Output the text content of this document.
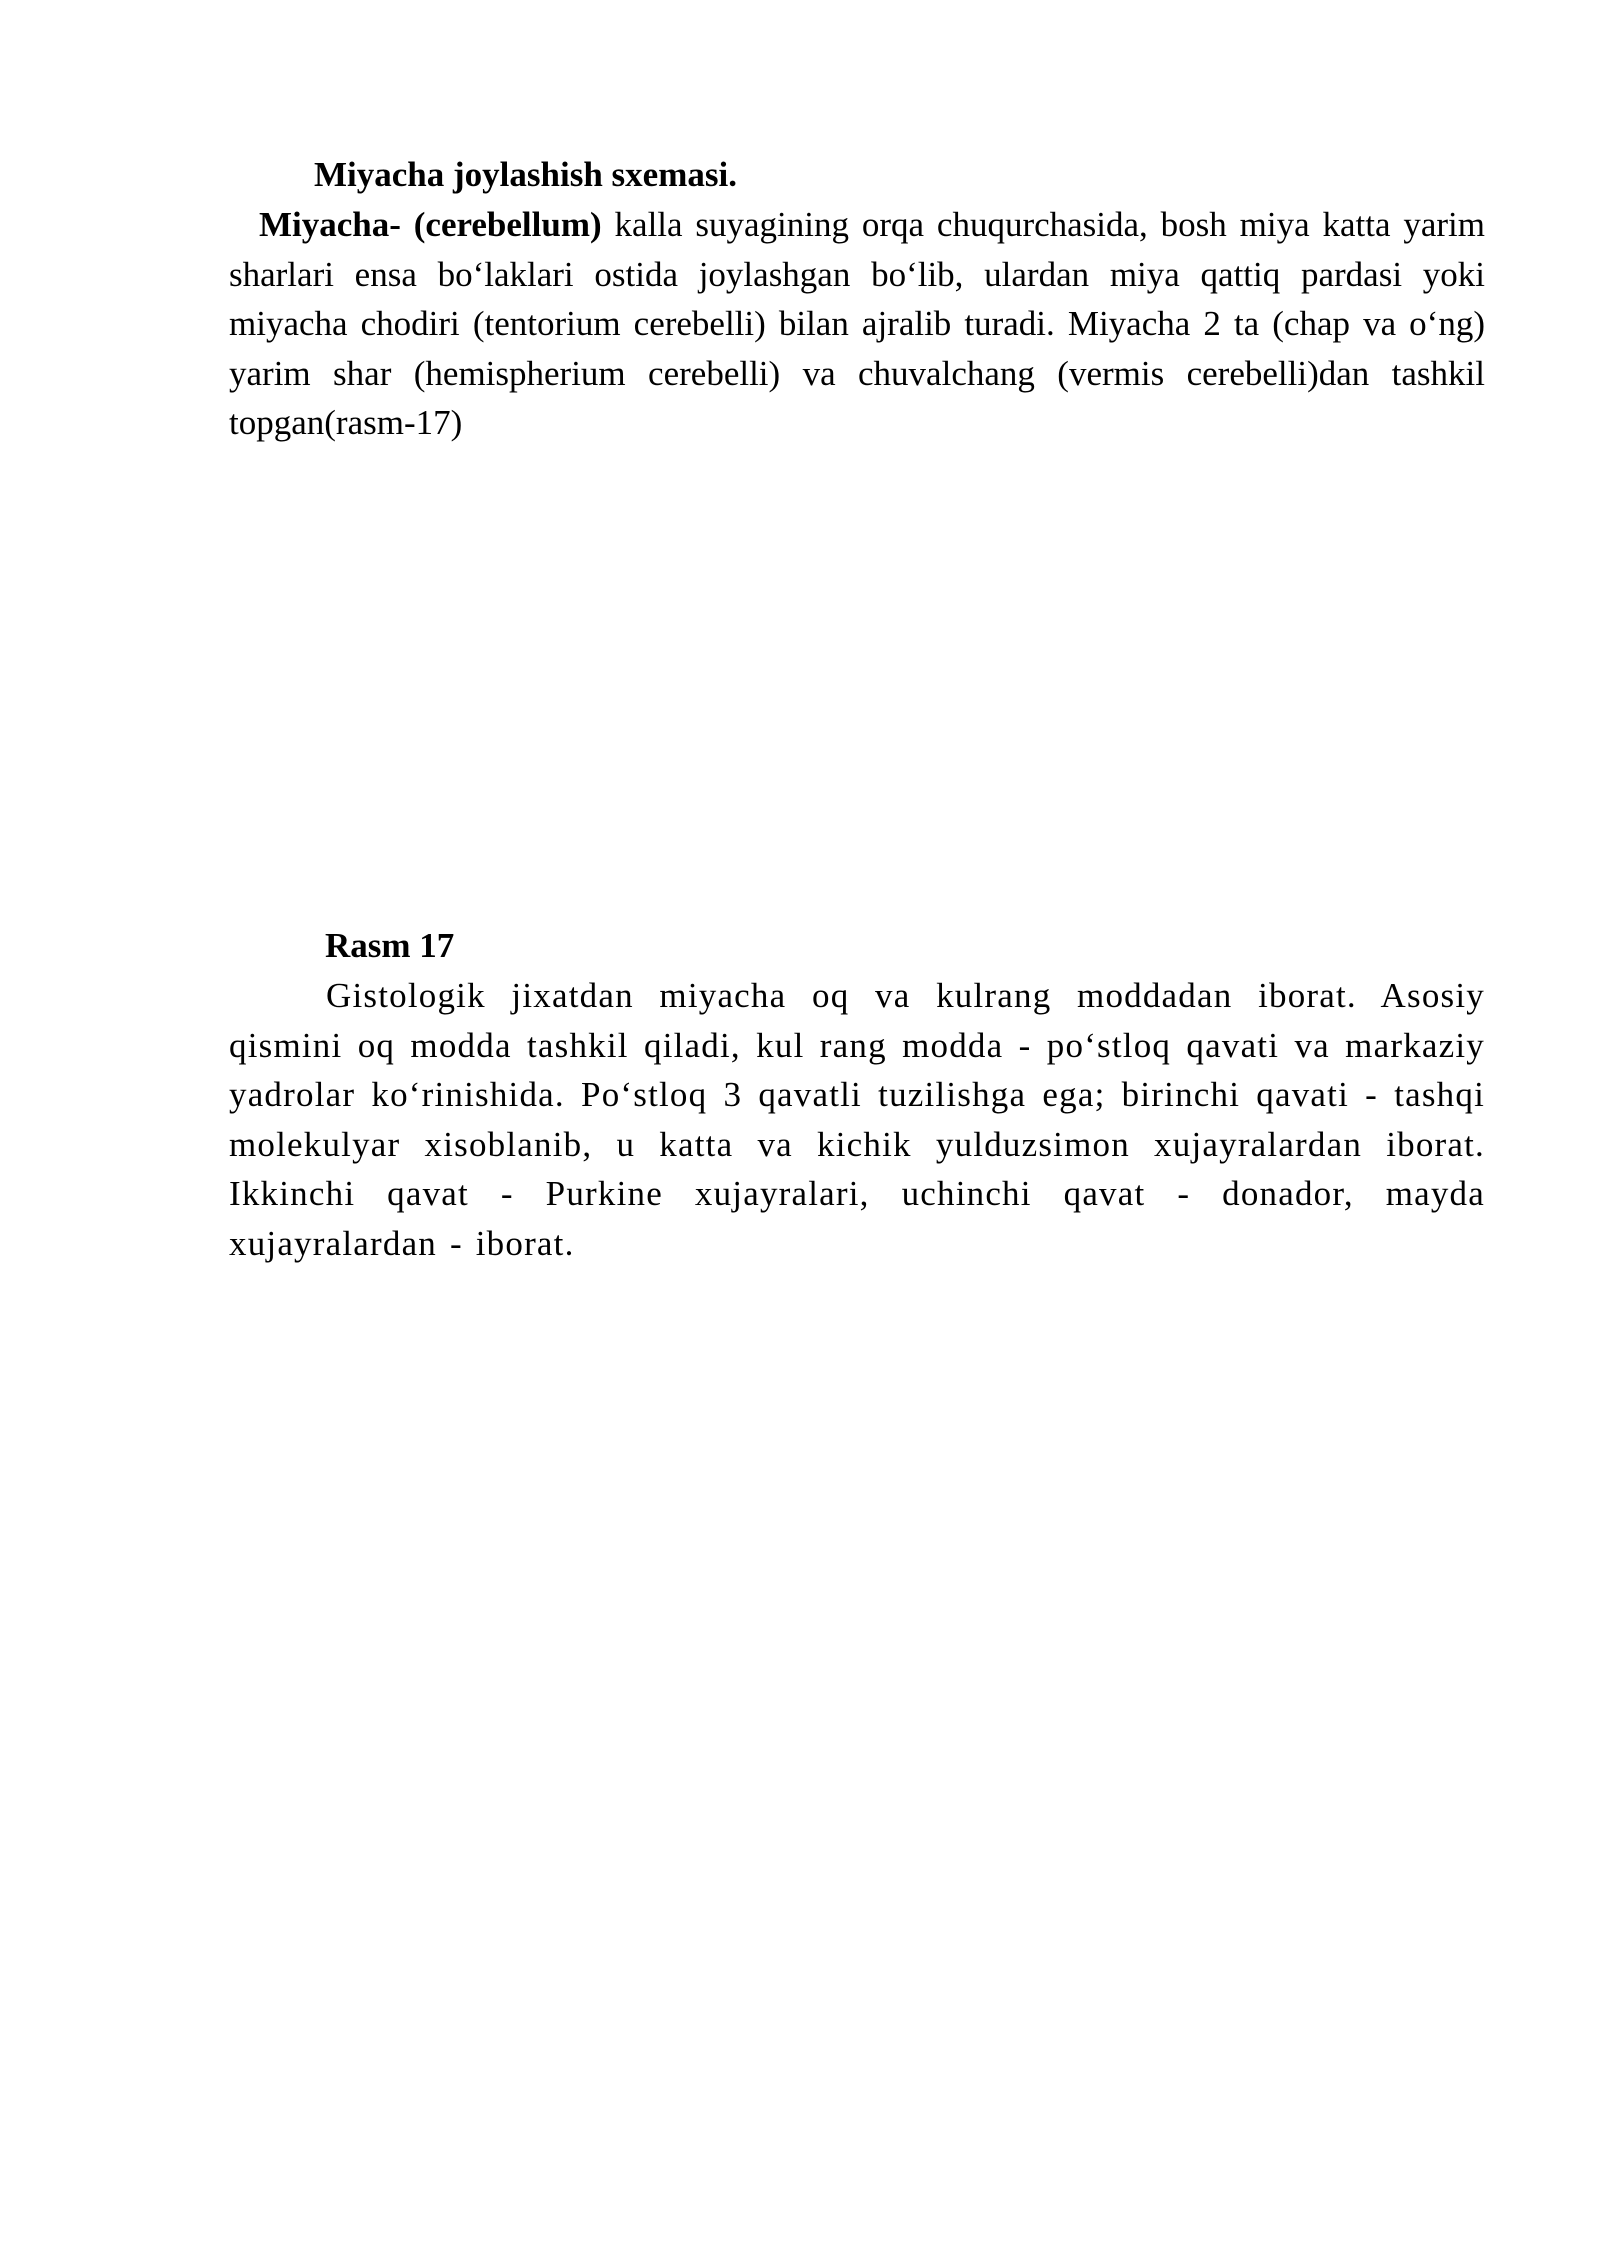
Miyacha joylashish sxemasi.

Miyacha- (cerebellum) kalla suyagining orqa chuqurchasida, bosh miya katta yarim sharlari ensa bo‘laklari ostida joylashgan bo‘lib, ulardan miya qattiq pardasi yoki miyacha chodiri (tentorium cerebelli) bilan ajralib turadi. Miyacha 2 ta (chap va o‘ng) yarim shar (hemispherium cerebelli) va chuvalchang (vermis cerebelli)dan tashkil topgan(rasm-17)

Rasm 17

Gistologik jixatdan miyacha oq va kulrang moddadan iborat. Asosiy qismini oq modda tashkil qiladi, kul rang modda - po‘stloq qavati va markaziy yadrolar ko‘rinishida. Po‘stloq 3 qavatli tuzilishga ega; birinchi qavati - tashqi molekulyar xisoblanib, u katta va kichik yulduzsimon xujayralardan iborat. Ikkinchi qavat - Purkine xujayralari, uchinchi qavat - donador, mayda xujayralardan - iborat.
